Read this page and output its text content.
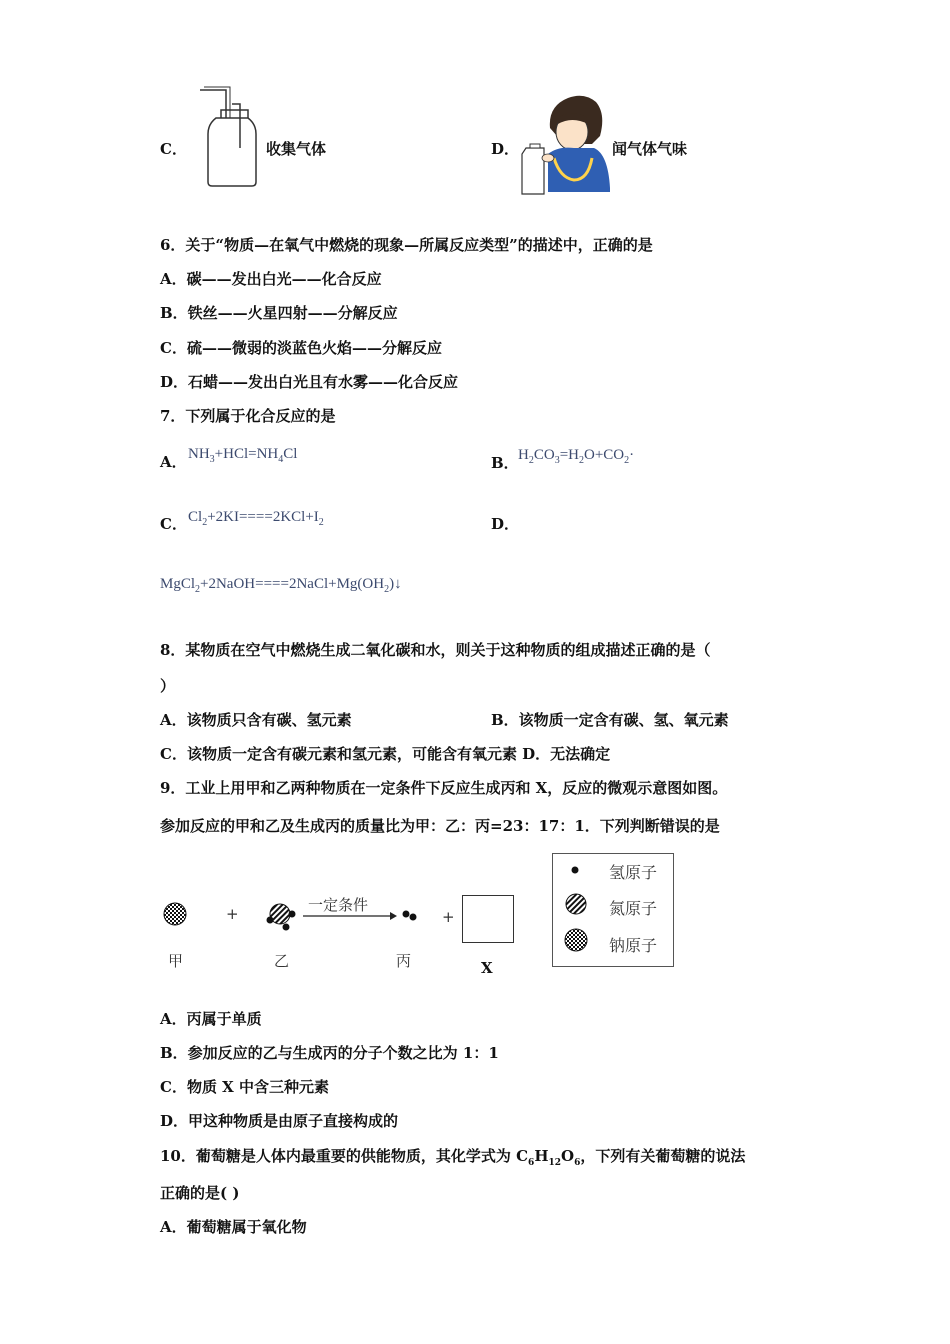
C．	收集气体	D．	闻气体气味
6．关于“物质—在氧气中燃烧的现象—所属反应类型”的描述中，正确的是
A．碳——发出白光——化合反应
B．铁丝——火星四射——分解反应
C．硫——微弱的淡蓝色火焰——分解反应
D．石蜡——发出白光且有水雾——化合反应
7．下列属于化合反应的是
A． $NH_3+HCl=NH_4Cl$	B． $H_2CO_3=H_2O+CO_2\cdot$
C． $Cl_2+2KI====2KCl+I_2$	D．
$MgCl_2+2NaOH====2NaCl+Mg(OH_2)↓$
8．某物质在空气中燃烧生成二氧化碳和水，则关于这种物质的组成描述正确的是（
）
A．该物质只含有碳、氢元素	B．该物质一定含有碳、氢、氧元素
C．该物质一定含有碳元素和氢元素，可能含有氧元素 D．无法确定
9．工业上用甲和乙两种物质在一定条件下反应生成丙和 X，反应的微观示意图如图。
参加反应的甲和乙及生成丙的质量比为甲：乙：丙=23：17：1．下列判断错误的是
+	一定条件
+
甲	乙	丙	X
氢原子
氮原子
钠原子
A．丙属于单质
B．参加反应的乙与生成丙的分子个数之比为 1：1
C．物质 X 中含三种元素
D．甲这种物质是由原子直接构成的
10．葡萄糖是人体内最重要的供能物质，其化学式为 $C_6H_{12}O_6$，下列有关葡萄糖的说法
正确的是( )
A．葡萄糖属于氧化物
